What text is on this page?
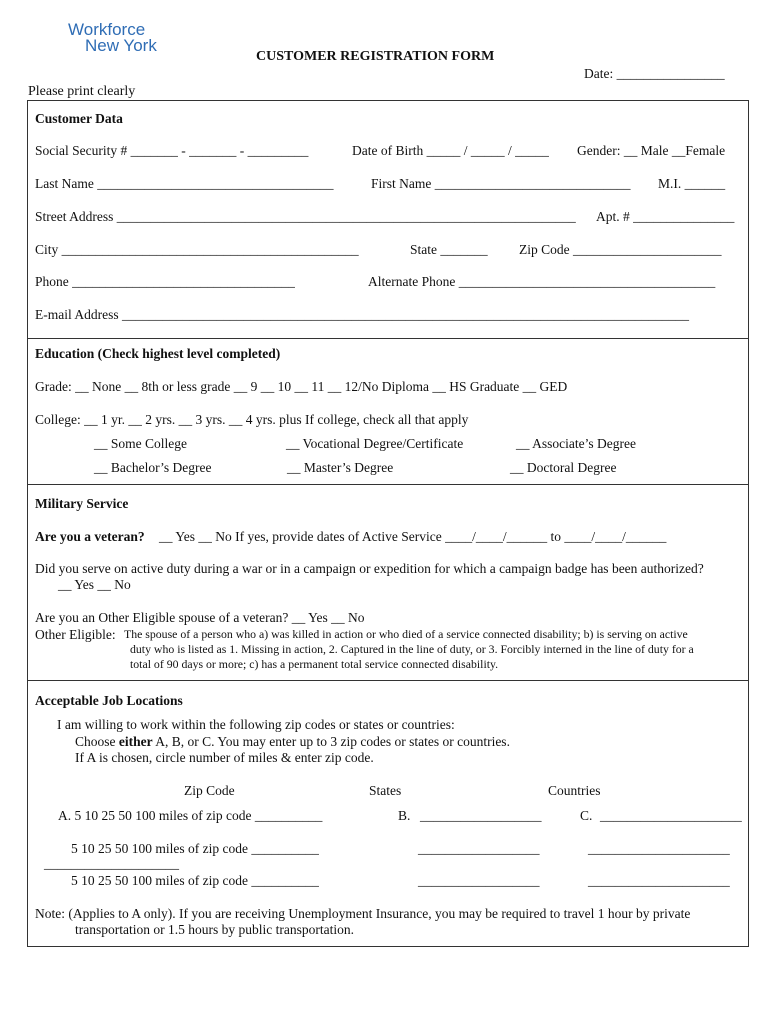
Workforce
New York
CUSTOMER REGISTRATION FORM
Date: ________________
Please print clearly
Customer Data
Social Security # _______ - _______ - _________	Date of Birth _____ / _____ / _____ Gender: __ Male __Female
Last Name ___________________________________	First Name _____________________________ M.I. ______
Street Address ____________________________________________________________________ Apt. # _______________
City ____________________________________________	State _______ Zip Code ______________________
Phone _________________________________	Alternate Phone ______________________________________
E-mail Address ____________________________________________________________________________________
Education (Check highest level completed)
Grade: __ None __ 8th or less grade __ 9 __ 10 __ 11 __ 12/No Diploma __ HS Graduate __ GED
College: __ 1 yr. __ 2 yrs. __ 3 yrs. __ 4 yrs. plus If college, check all that apply
__ Some College	__ Vocational Degree/Certificate	__ Associate’s Degree
__ Bachelor’s Degree	__ Master’s Degree	__ Doctoral Degree
Military Service
Are you a veteran? __ Yes __ No If yes, provide dates of Active Service ____/____/______ to ____/____/______
Did you serve on active duty during a war or in a campaign or expedition for which a campaign badge has been authorized?
__ Yes __ No
Are you an Other Eligible spouse of a veteran? __ Yes __ No
Other Eligible: The spouse of a person who a) was killed in action or who died of a service connected disability; b) is serving on active
duty who is listed as 1. Missing in action, 2. Captured in the line of duty, or 3. Forcibly interned in the line of duty for a
total of 90 days or more; c) has a permanent total service connected disability.
Acceptable Job Locations
I am willing to work within the following zip codes or states or countries:
Choose either A, B, or C. You may enter up to 3 zip codes or states or countries.
If A is chosen, circle number of miles & enter zip code.
Zip Code	States	Countries
A. 5 10 25 50 100 miles of zip code __________	B. __________________	C. _____________________
5 10 25 50 100 miles of zip code __________	__________________	_____________________
____________________
5 10 25 50 100 miles of zip code __________	__________________	_____________________
Note: (Applies to A only). If you are receiving Unemployment Insurance, you may be required to travel 1 hour by private
transportation or 1.5 hours by public transportation.
